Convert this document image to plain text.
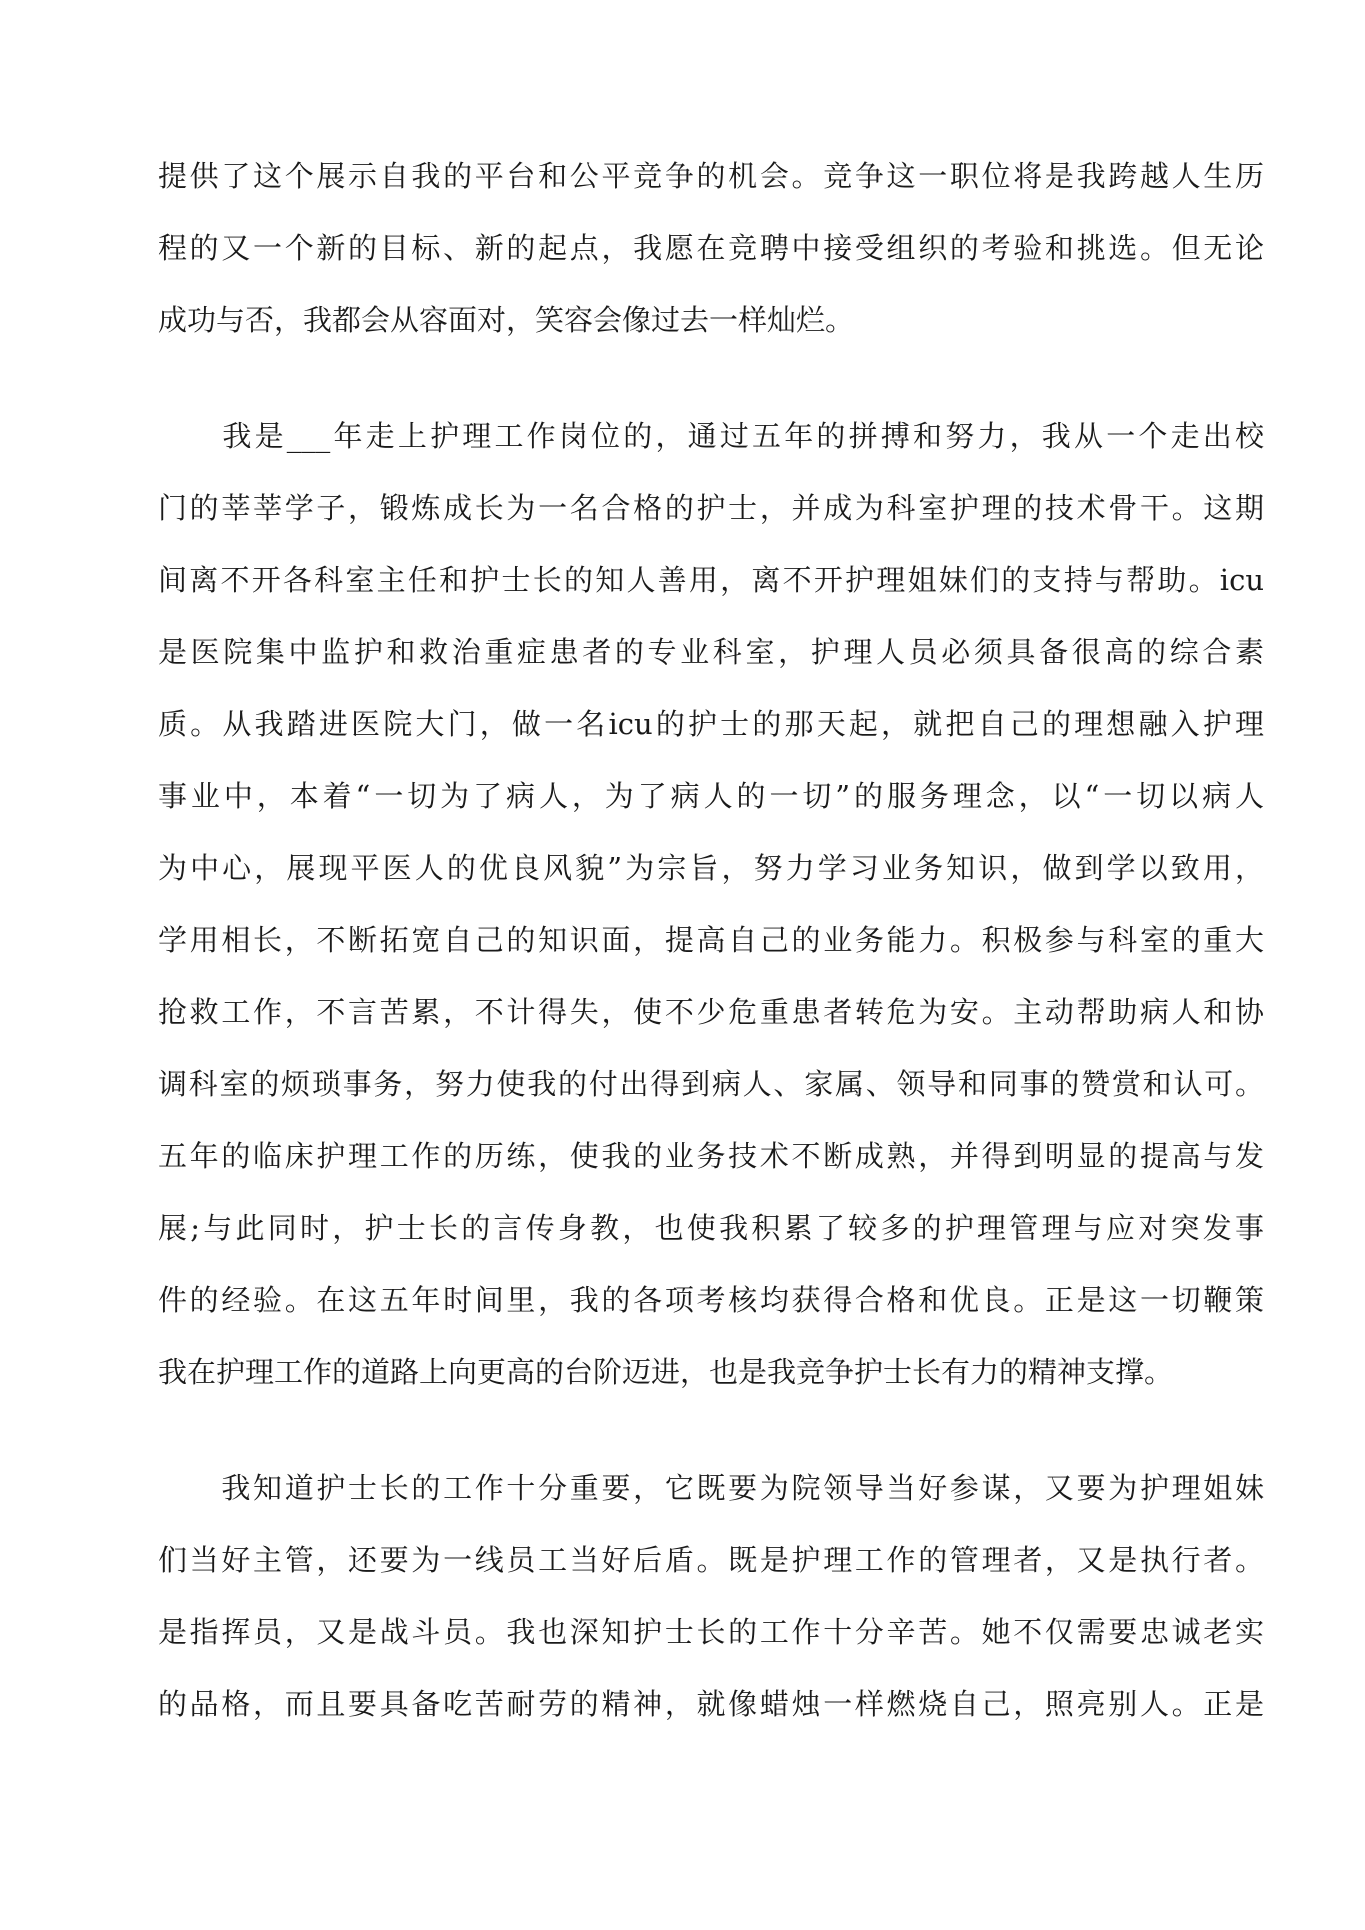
提供了这个展示自我的平台和公平竞争的机会。竞争这一职位将是我跨越人生历
程的又一个新的目标、新的起点，我愿在竞聘中接受组织的考验和挑选。但无论
成功与否，我都会从容面对，笑容会像过去一样灿烂。
　　我是___年走上护理工作岗位的，通过五年的拼搏和努力，我从一个走出校
门的莘莘学子，锻炼成长为一名合格的护士，并成为科室护理的技术骨干。这期
间离不开各科室主任和护士长的知人善用，离不开护理姐妹们的支持与帮助。icu
是医院集中监护和救治重症患者的专业科室，护理人员必须具备很高的综合素
质。从我踏进医院大门，做一名icu的护士的那天起，就把自己的理想融入护理
事业中，本着“一切为了病人，为了病人的一切”的服务理念，以“一切以病人
为中心，展现平医人的优良风貌”为宗旨，努力学习业务知识，做到学以致用，
学用相长，不断拓宽自己的知识面，提高自己的业务能力。积极参与科室的重大
抢救工作，不言苦累，不计得失，使不少危重患者转危为安。主动帮助病人和协
调科室的烦琐事务，努力使我的付出得到病人、家属、领导和同事的赞赏和认可。
五年的临床护理工作的历练，使我的业务技术不断成熟，并得到明显的提高与发
展;与此同时，护士长的言传身教，也使我积累了较多的护理管理与应对突发事
件的经验。在这五年时间里，我的各项考核均获得合格和优良。正是这一切鞭策
我在护理工作的道路上向更高的台阶迈进，也是我竞争护士长有力的精神支撑。
　　我知道护士长的工作十分重要，它既要为院领导当好参谋，又要为护理姐妹
们当好主管，还要为一线员工当好后盾。既是护理工作的管理者，又是执行者。
是指挥员，又是战斗员。我也深知护士长的工作十分辛苦。她不仅需要忠诚老实
的品格，而且要具备吃苦耐劳的精神，就像蜡烛一样燃烧自己，照亮别人。正是
